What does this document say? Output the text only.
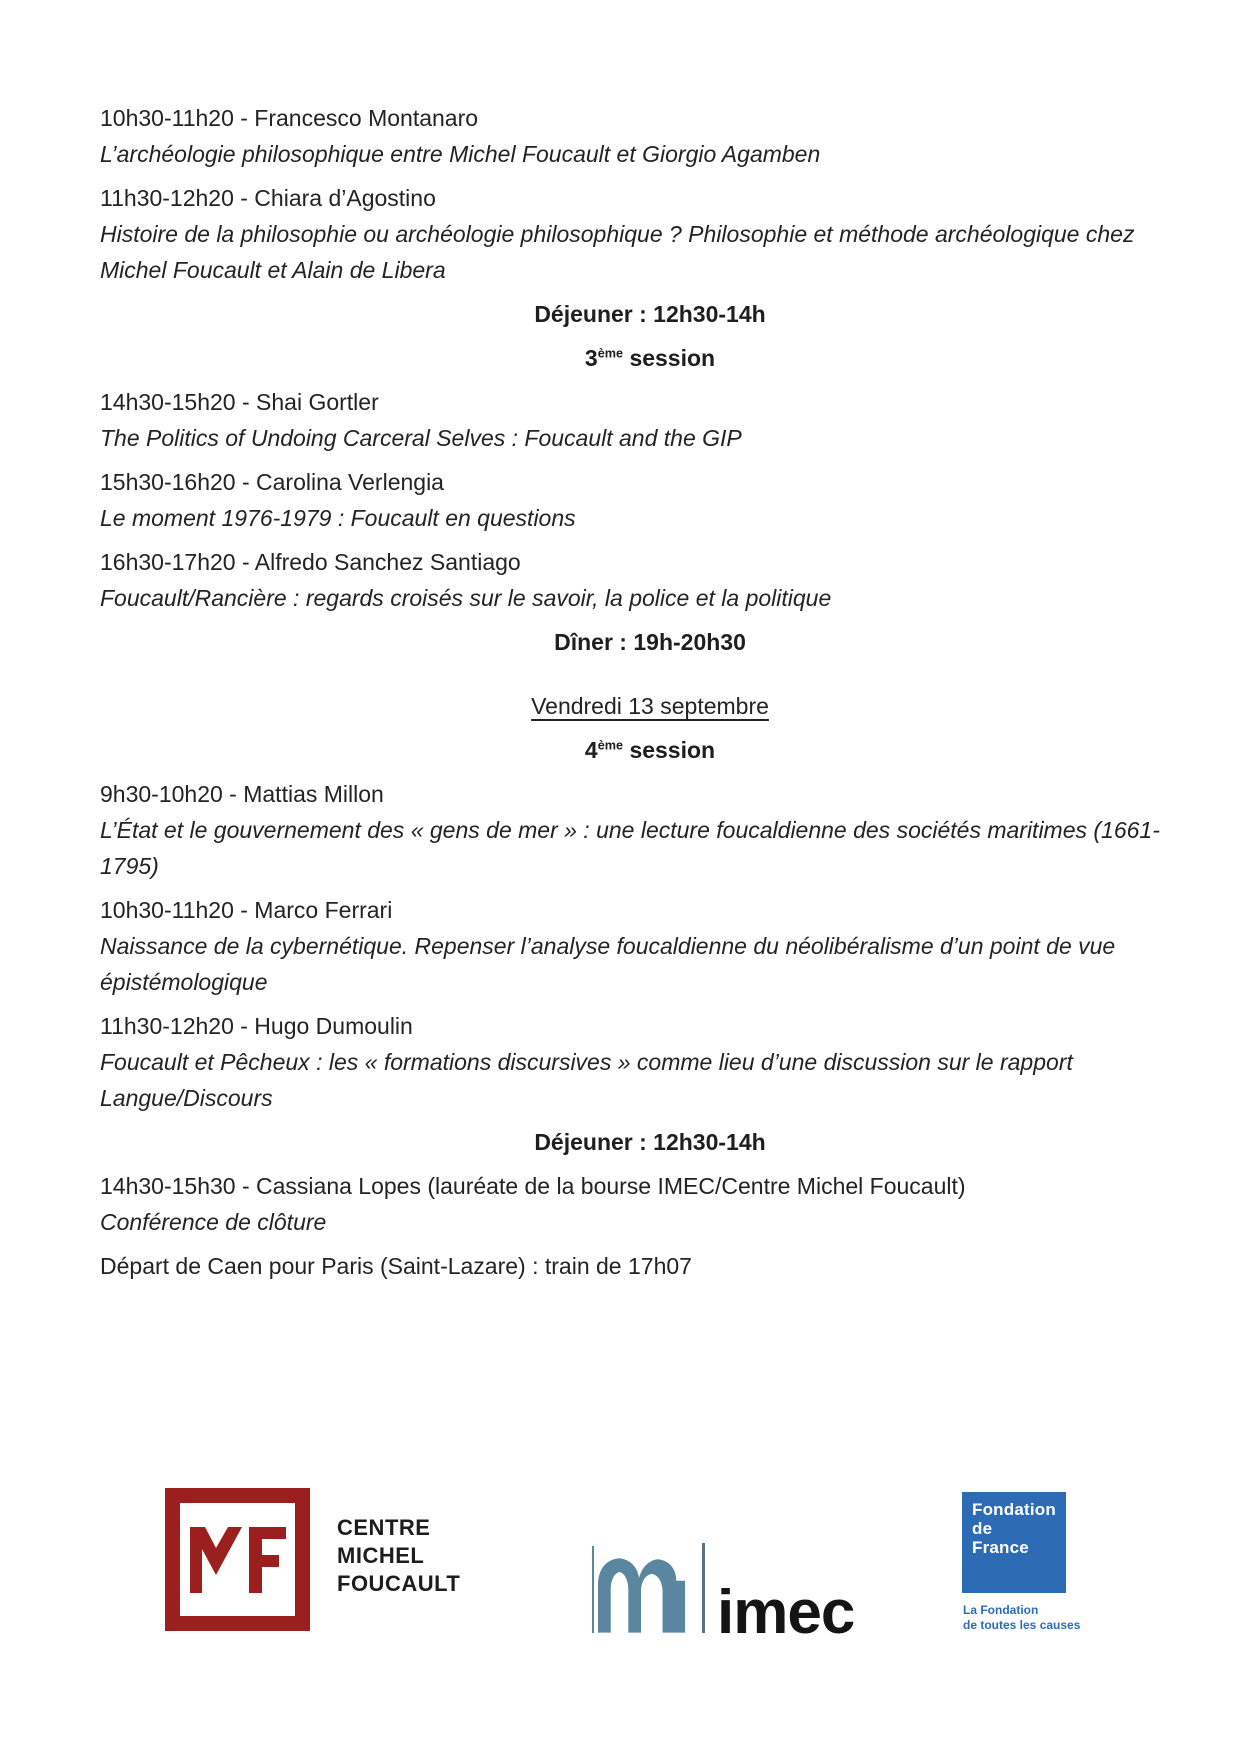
10h30-11h20 - Francesco Montanaro

L’archéologie philosophique entre Michel Foucault et Giorgio Agamben

11h30-12h20 - Chiara d’Agostino

Histoire de la philosophie ou archéologie philosophique ? Philosophie et méthode archéologique chez Michel Foucault et Alain de Libera

Déjeuner : 12h30-14h

3ème session

14h30-15h20 - Shai Gortler

The Politics of Undoing Carceral Selves : Foucault and the GIP

15h30-16h20 - Carolina Verlengia

Le moment 1976-1979 : Foucault en questions

16h30-17h20 - Alfredo Sanchez Santiago

Foucault/Rancière : regards croisés sur le savoir, la police et la politique

Dîner : 19h-20h30

Vendredi 13 septembre

4ème session

9h30-10h20 - Mattias Millon

L’État et le gouvernement des « gens de mer » : une lecture foucaldienne des sociétés maritimes (1661-1795)

10h30-11h20 - Marco Ferrari

Naissance de la cybernétique. Repenser l’analyse foucaldienne du néolibéralisme d’un point de vue épistémologique

11h30-12h20 - Hugo Dumoulin

Foucault et Pêcheux : les « formations discursives » comme lieu d’une discussion sur le rapport Langue/Discours

Déjeuner : 12h30-14h

14h30-15h30 - Cassiana Lopes (lauréate de la bourse IMEC/Centre Michel Foucault)

Conférence de clôture

Départ de Caen pour Paris (Saint-Lazare) : train de 17h07

CENTRE
MICHEL
FOUCAULT	imec
Fondation
de
France
La Fondation
de toutes les causes
